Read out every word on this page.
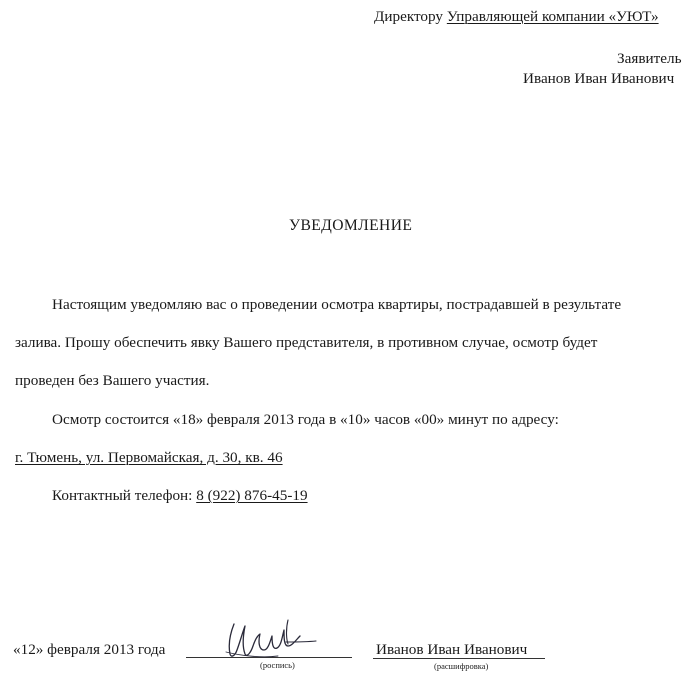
Директору Управляющей компании «УЮТ»
Заявитель
Иванов Иван Иванович
УВЕДОМЛЕНИЕ
Настоящим уведомляю вас о проведении осмотра квартиры, пострадавшей в результате
залива. Прошу обеспечить явку Вашего представителя, в противном случае, осмотр будет
проведен без Вашего участия.
Осмотр состоится «18» февраля 2013 года в «10» часов «00» минут по адресу:
г. Тюмень, ул. Первомайская, д. 30, кв. 46
Контактный телефон: 8 (922) 876-45-19
«12» февраля 2013 года
(роспись)
Иванов Иван Иванович
(расшифровка)
